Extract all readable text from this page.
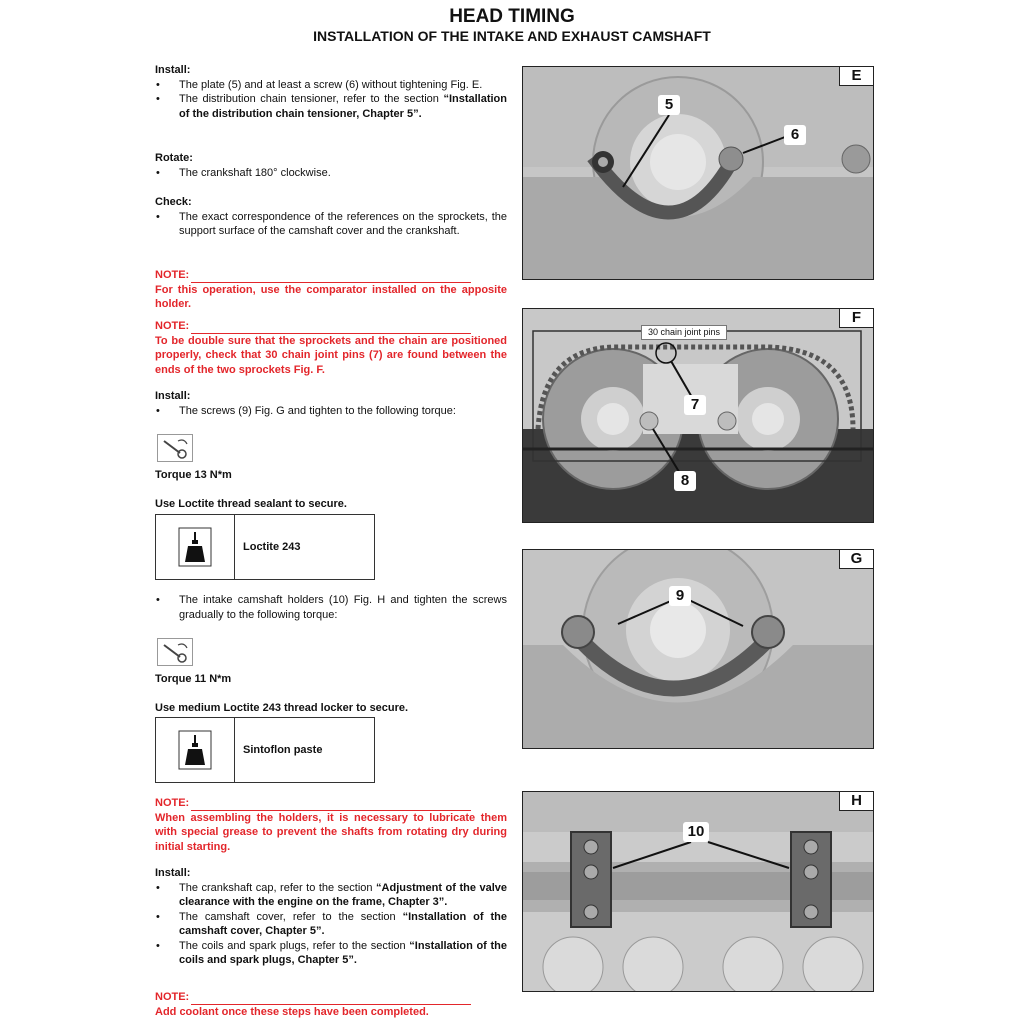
HEAD TIMING
INSTALLATION OF THE INTAKE AND EXHAUST CAMSHAFT

Install:

• The plate (5) and at least a screw (6) without tightening Fig. E.

• The distribution chain tensioner, refer to the section “Installation of the distribution chain tensioner, Chapter 5”.

Rotate:

• The crankshaft 180° clockwise.

Check:

• The exact correspondence of the references on the sprockets, the support surface of the camshaft cover and the crankshaft.

NOTE:
For this operation, use the comparator installed on the apposite holder.
NOTE:
To be double sure that the sprockets and the chain are positioned properly, check that 30 chain joint pins (7) are found between the ends of the two sprockets Fig. F.

Install:

• The screws (9) Fig. G and tighten to the following torque:

Torque 13 N*m
Use Loctite thread sealant to secure.
Loctite 243

• The intake camshaft holders (10) Fig. H and tighten the screws gradually to the following torque:

Torque 11 N*m
Use medium Loctite 243 thread locker to secure.
Sintoflon paste
NOTE:
When assembling the holders, it is necessary to lubricate them with special grease to prevent the shafts from rotating dry during initial starting.

Install:

• The crankshaft cap, refer to the section “Adjustment of the valve clearance with the engine on the frame, Chapter 3”.

• The camshaft cover, refer to the section “Installation of the camshaft cover, Chapter 5”.

• The coils and spark plugs, refer to the section “Installation of the coils and spark plugs, Chapter 5”.

NOTE:
Add coolant once these steps have been completed.
E
5
6
F
30 chain joint pins
7
8
G
9
H
10
